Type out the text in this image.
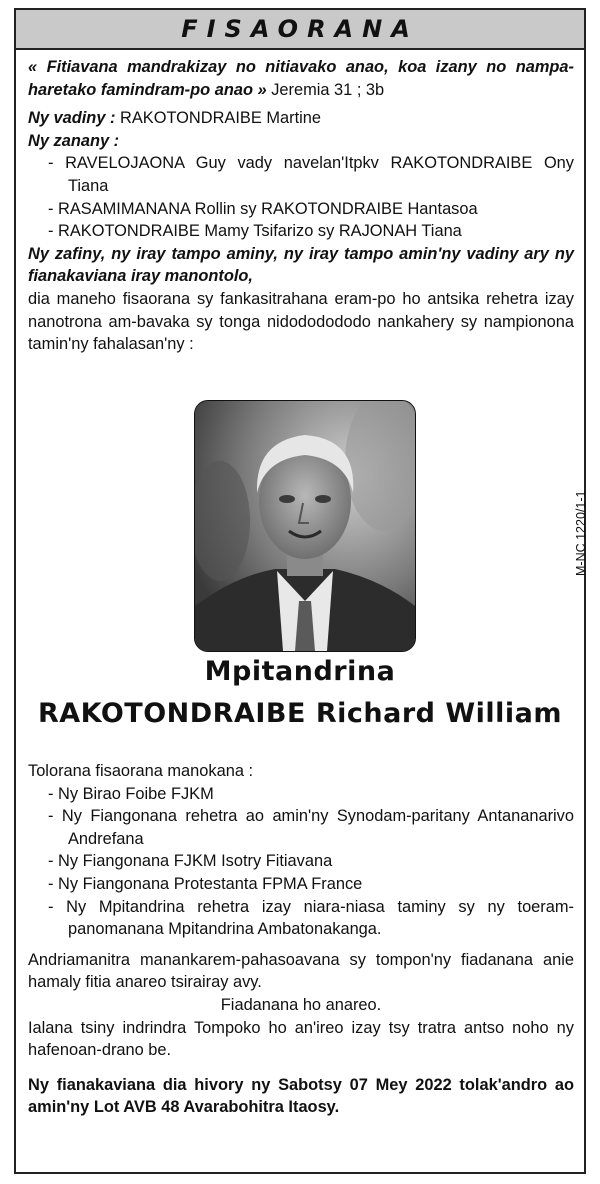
FISAORANA

« Fitiavana mandrakizay no nitiavako anao, koa izany no nampa-haretako famindram-po anao » Jeremia 31 ; 3b

Ny vadiny : RAKOTONDRAIBE Martine

Ny zanany :

- RAVELOJAONA Guy vady navelan'Itpkv RAKOTONDRAIBE Ony Tiana

- RASAMIMANANA Rollin sy RAKOTONDRAIBE Hantasoa

- RAKOTONDRAIBE Mamy Tsifarizo sy RAJONAH Tiana

Ny zafiny, ny iray tampo aminy, ny iray tampo amin'ny vadiny ary ny fianakaviana iray manontolo,

dia maneho fisaorana sy fankasitrahana eram-po ho antsika rehetra izay nanotrona am-bavaka sy tonga nidododododo nankahery sy nampionona tamin'ny fahalasan'ny :

M-NC 1220/1-1
Mpitandrina
RAKOTONDRAIBE Richard William

Tolorana fisaorana manokana :

- Ny Birao Foibe FJKM

- Ny Fiangonana rehetra ao amin'ny Synodam-paritany Antananarivo Andrefana

- Ny Fiangonana FJKM Isotry Fitiavana

- Ny Fiangonana Protestanta FPMA France

- Ny Mpitandrina rehetra izay niara-niasa taminy sy ny toeram-panomanana Mpitandrina Ambatonakanga.

Andriamanitra manankarem-pahasoavana sy tompon'ny fiadanana anie hamaly fitia anareo tsirairay avy.

Fiadanana ho anareo.

Ialana tsiny indrindra Tompoko ho an'ireo izay tsy tratra antso noho ny hafenoan-drano be.

Ny fianakaviana dia hivory ny Sabotsy 07 Mey 2022 tolak'andro ao amin'ny Lot AVB 48 Avarabohitra Itaosy.
